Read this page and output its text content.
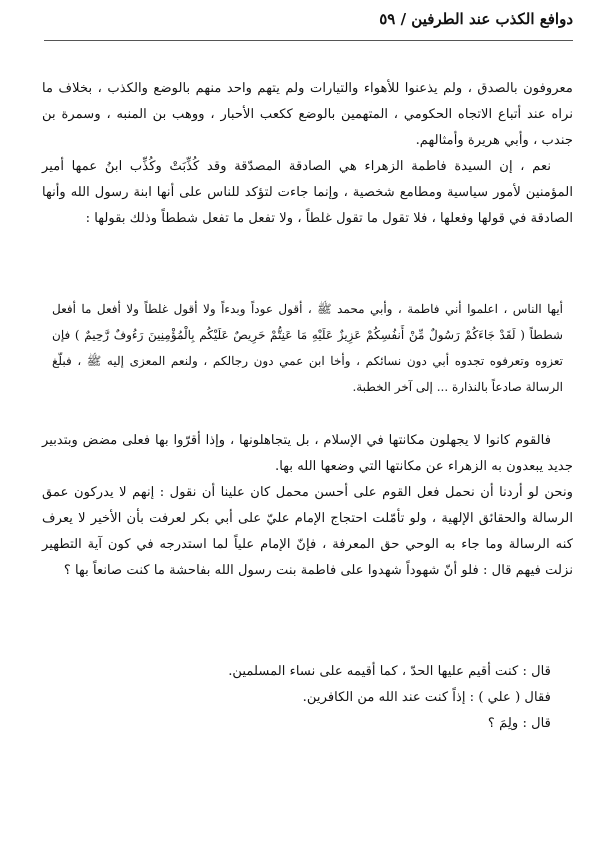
دوافع الكذب عند الطرفين / ٥٩

معروفون بالصدق ، ولم يذعنوا للأهواء والتيارات ولم يتهم واحد منهم بالوضع والكذب ، بخلاف ما نراه عند أتباع الاتجاه الحكومي ، المتهمين بالوضع ككعب الأحبار ، ووهب بن المنبه ، وسمرة بن جندب ، وأبي هريرة وأمثالهم.

نعم ، إن السيدة فاطمة الزهراء هي الصادقة المصدّقة وقد كُذِّبَتْ وكُذِّب ابنُ عمها أمير المؤمنين لأمور سياسية ومطامع شخصية ، وإنما جاءت لتؤكد للناس على أنها ابنة رسول الله وأنها الصادقة في قولها وفعلها ، فلا تقول ما تقول غلطاً ، ولا تفعل ما تفعل شططاً وذلك بقولها :

أيها الناس ، اعلموا أني فاطمة ، وأبي محمد ﷺ ، أقول عوداً وبدءاً ولا أقول غلطاً ولا أفعل ما أفعل شططاً ( لَقَدْ جَاءَكُمْ رَسُولٌ مِّنْ أَنفُسِكُمْ عَزِيزٌ عَلَيْهِ مَا عَنِتُّمْ حَرِيصٌ عَلَيْكُم بِالْمُؤْمِنِينَ رَءُوفٌ رَّحِيمٌ ) فإن تعزوه وتعرفوه تجدوه أبي دون نسائكم ، وأخا ابن عمي دون رجالكم ، ولنعم المعزى إليه ﷺ ، فبلّغ الرسالة صادعاً بالنذارة ... إلى آخر الخطبة.

فالقوم كانوا لا يجهلون مكانتها في الإسلام ، بل يتجاهلونها ، وإذا أقرّوا بها فعلى مضض وبتدبير جديد يبعدون به الزهراء عن مكانتها التي وضعها الله بها.

ونحن لو أردنا أن نحمل فعل القوم على أحسن محمل كان علينا أن نقول : إنهم لا يدركون عمق الرسالة والحقائق الإلهية ، ولو تأمّلت احتجاج الإمام عليّ على أبي بكر لعرفت بأن الأخير لا يعرف كنه الرسالة وما جاء به الوحي حق المعرفة ، فإنّ الإمام علياً لما استدرجه في كون آية التطهير نزلت فيهم قال : فلو أنّ شهوداً شهدوا على فاطمة بنت رسول الله بفاحشة ما كنت صانعاً بها ؟

قال : كنت أقيم عليها الحدّ ، كما أقيمه على نساء المسلمين.

فقال ( علي ) : إذاً كنت عند الله من الكافرين.

قال : ولِمَ ؟
